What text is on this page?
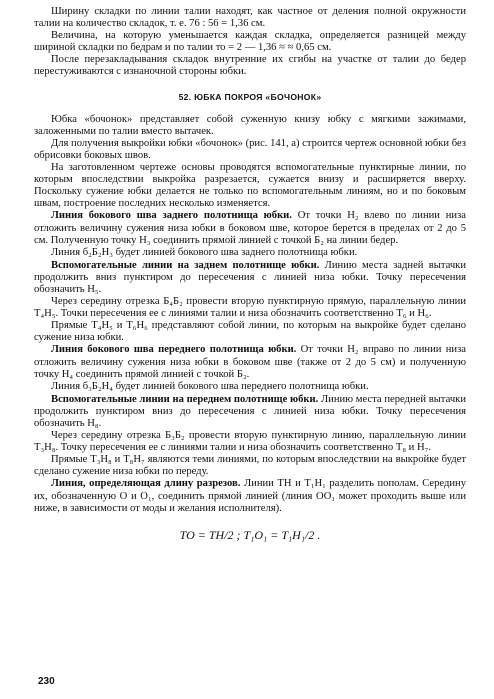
Ширину складки по линии талии находят, как частное от деления полной окружности талии на количество складок, т. е. 76 : 56 = 1,36 см.

Величина, на которую уменьшается каждая складка, определяется разницей между шириной складки по бедрам и по талии то = 2 — 1,36 ≈ ≈ 0,65 см.

После перезакладывания складок внутренние их сгибы на участке от талии до бедер перестуживаются с изнаночной стороны юбки.

52. ЮБКА ПОКРОЯ «БОЧОНОК»

Юбка «бочонок» представляет собой суженную книзу юбку с мягкими зажимами, заложенными по талии вместо вытачек.

Для получения выкройки юбки «бочонок» (рис. 141, а) строится чертеж основной юбки без обрисовки боковых швов.

На заготовленном чертеже основы проводятся вспомогательные пунктирные линии, по которым впоследствии выкройка разрезается, сужается внизу и расширяется вверху. Поскольку сужение юбки делается не только по вспомогательным линиям, но и по боковым швам, построение последних несколько изменяется.

Линия бокового шва заднего полотнища юбки. От точки H₂ влево по линии низа отложить величину сужения низа юбки в боковом шве, которое берется в пределах от 2 до 5 см. Полученную точку H₃ соединить прямой линией с точкой Б₂ на линии бедер.

Линия б₂Б₂Н₃ будет линией бокового шва заднего полотнища юбки.

Вспомогательные линии на заднем полотнище юбки. Линию места задней вытачки продолжить вниз пунктиром до пересечения с линией низа юбки. Точку пересечения обозначить H₅.

Через середину отрезка Б₄Б₂ провести вторую пунктирную прямую, параллельную линии T₄H₅. Точки пересечения ее с линиями талии и низа обозначить соответственно T₆ и H₆.

Прямые T₄H₅ и T₆H₆ представляют собой линии, по которым на выкройке будет сделано сужение низа юбки.

Линия бокового шва переднего полотнища юбки. От точки H₂ вправо по линии низа отложить величину сужения низа юбки в боковом шве (также от 2 до 5 см) и полученную точку H₄ соединить прямой линией с точкой Б₂.

Линия б₃Б₂H₄ будет линией бокового шва переднего полотнища юбки.

Вспомогательные линии на переднем полотнище юбки. Линию места передней вытачки продолжить пунктиром вниз до пересечения с линией низа юбки. Точку пересечения обозначить H₈.

Через середину отрезка Б₃Б₂ провести вторую пунктирную линию, параллельную линии T₃H₈. Точку пересечения ее с линиями талии и низа обозначить соответственно T₈ и H₇.

Прямые T₃H₈ и T₈H₇ являются теми линиями, по которым впоследствии на выкройке будет сделано сужение низа юбки по переду.

Линия, определяющая длину разрезов. Линии TH и T₁H₁ разделить пополам. Середину их, обозначенную O и O₁, соединить прямой линией (линия OO₁ может проходить выше или ниже, в зависимости от моды и желания исполнителя).

TO = TH/2 ; T₁O₁ = T₁H₁/2 .
230
